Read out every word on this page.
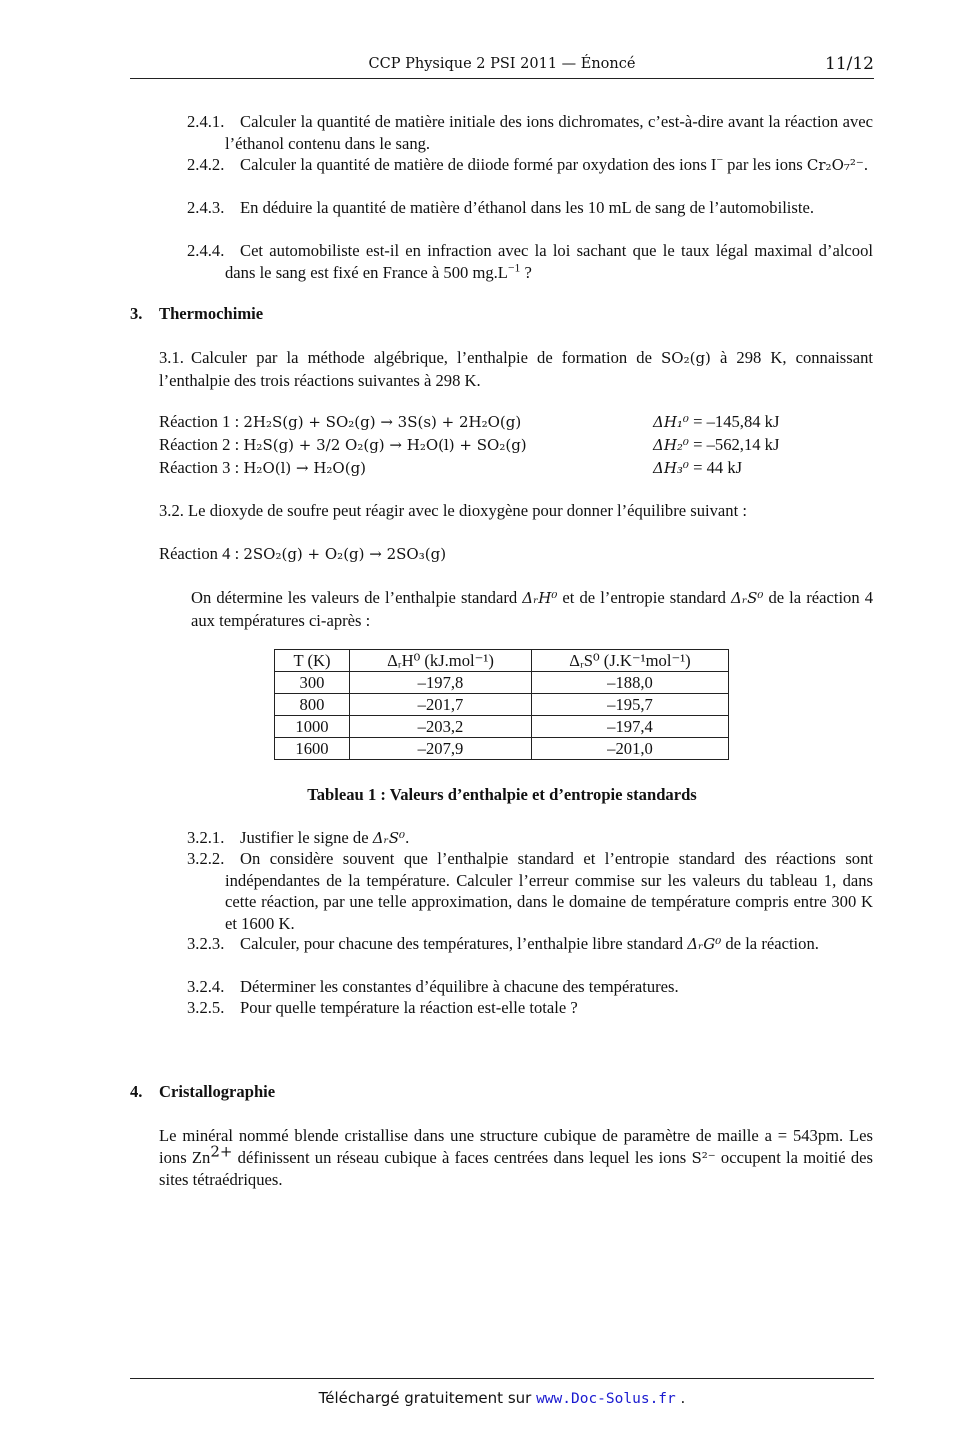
CCP Physique 2 PSI 2011 — Énoncé	11/12
2.4.1. Calculer la quantité de matière initiale des ions dichromates, c’est-à-dire avant la réaction avec l’éthanol contenu dans le sang.
2.4.2. Calculer la quantité de matière de diiode formé par oxydation des ions I− par les ions Cr₂O₇²⁻.
2.4.3. En déduire la quantité de matière d’éthanol dans les 10 mL de sang de l’automobiliste.
2.4.4. Cet automobiliste est-il en infraction avec la loi sachant que le taux légal maximal d’alcool dans le sang est fixé en France à 500 $mg.L^{-1}$ ?
3. Thermochimie
3.1. Calculer par la méthode algébrique, l’enthalpie de formation de SO₂(g) à 298 K, connaissant l’enthalpie des trois réactions suivantes à 298 K.
Réaction 1 : 2H₂S(g) + SO₂(g) → 3S(s) + 2H₂O(g)	ΔH₁⁰ = –145,84 kJ
Réaction 2 : H₂S(g) + 3/2 O₂(g) → H₂O(l) + SO₂(g)	ΔH₂⁰ = –562,14 kJ
Réaction 3 : H₂O(l) → H₂O(g)	ΔH₃⁰ = 44 kJ
3.2. Le dioxyde de soufre peut réagir avec le dioxygène pour donner l’équilibre suivant :
Réaction 4 : 2SO₂(g) + O₂(g) → 2SO₃(g)
On détermine les valeurs de l’enthalpie standard ΔᵣH⁰ et de l’entropie standard ΔᵣS⁰ de la réaction 4 aux températures ci-après :
T (K)	ΔᵣH⁰ (kJ.mol⁻¹)	ΔᵣS⁰ (J.K⁻¹mol⁻¹)
300	–197,8	–188,0
800	–201,7	–195,7
1000	–203,2	–197,4
1600	–207,9	–201,0
Tableau 1 : Valeurs d’enthalpie et d’entropie standards
3.2.1. Justifier le signe de ΔᵣS⁰.
3.2.2. On considère souvent que l’enthalpie standard et l’entropie standard des réactions sont indépendantes de la température. Calculer l’erreur commise sur les valeurs du tableau 1, dans cette réaction, par une telle approximation, dans le domaine de température compris entre 300 K et 1600 K.
3.2.3. Calculer, pour chacune des températures, l’enthalpie libre standard ΔᵣG⁰ de la réaction.
3.2.4. Déterminer les constantes d’équilibre à chacune des températures.
3.2.5. Pour quelle température la réaction est-elle totale ?
4. Cristallographie
Le minéral nommé blende cristallise dans une structure cubique de paramètre de maille a = 543pm. Les ions $Zn^{2+}$ définissent un réseau cubique à faces centrées dans lequel les ions S²⁻ occupent la moitié des sites tétraédriques.
Téléchargé gratuitement sur www.Doc-Solus.fr .
